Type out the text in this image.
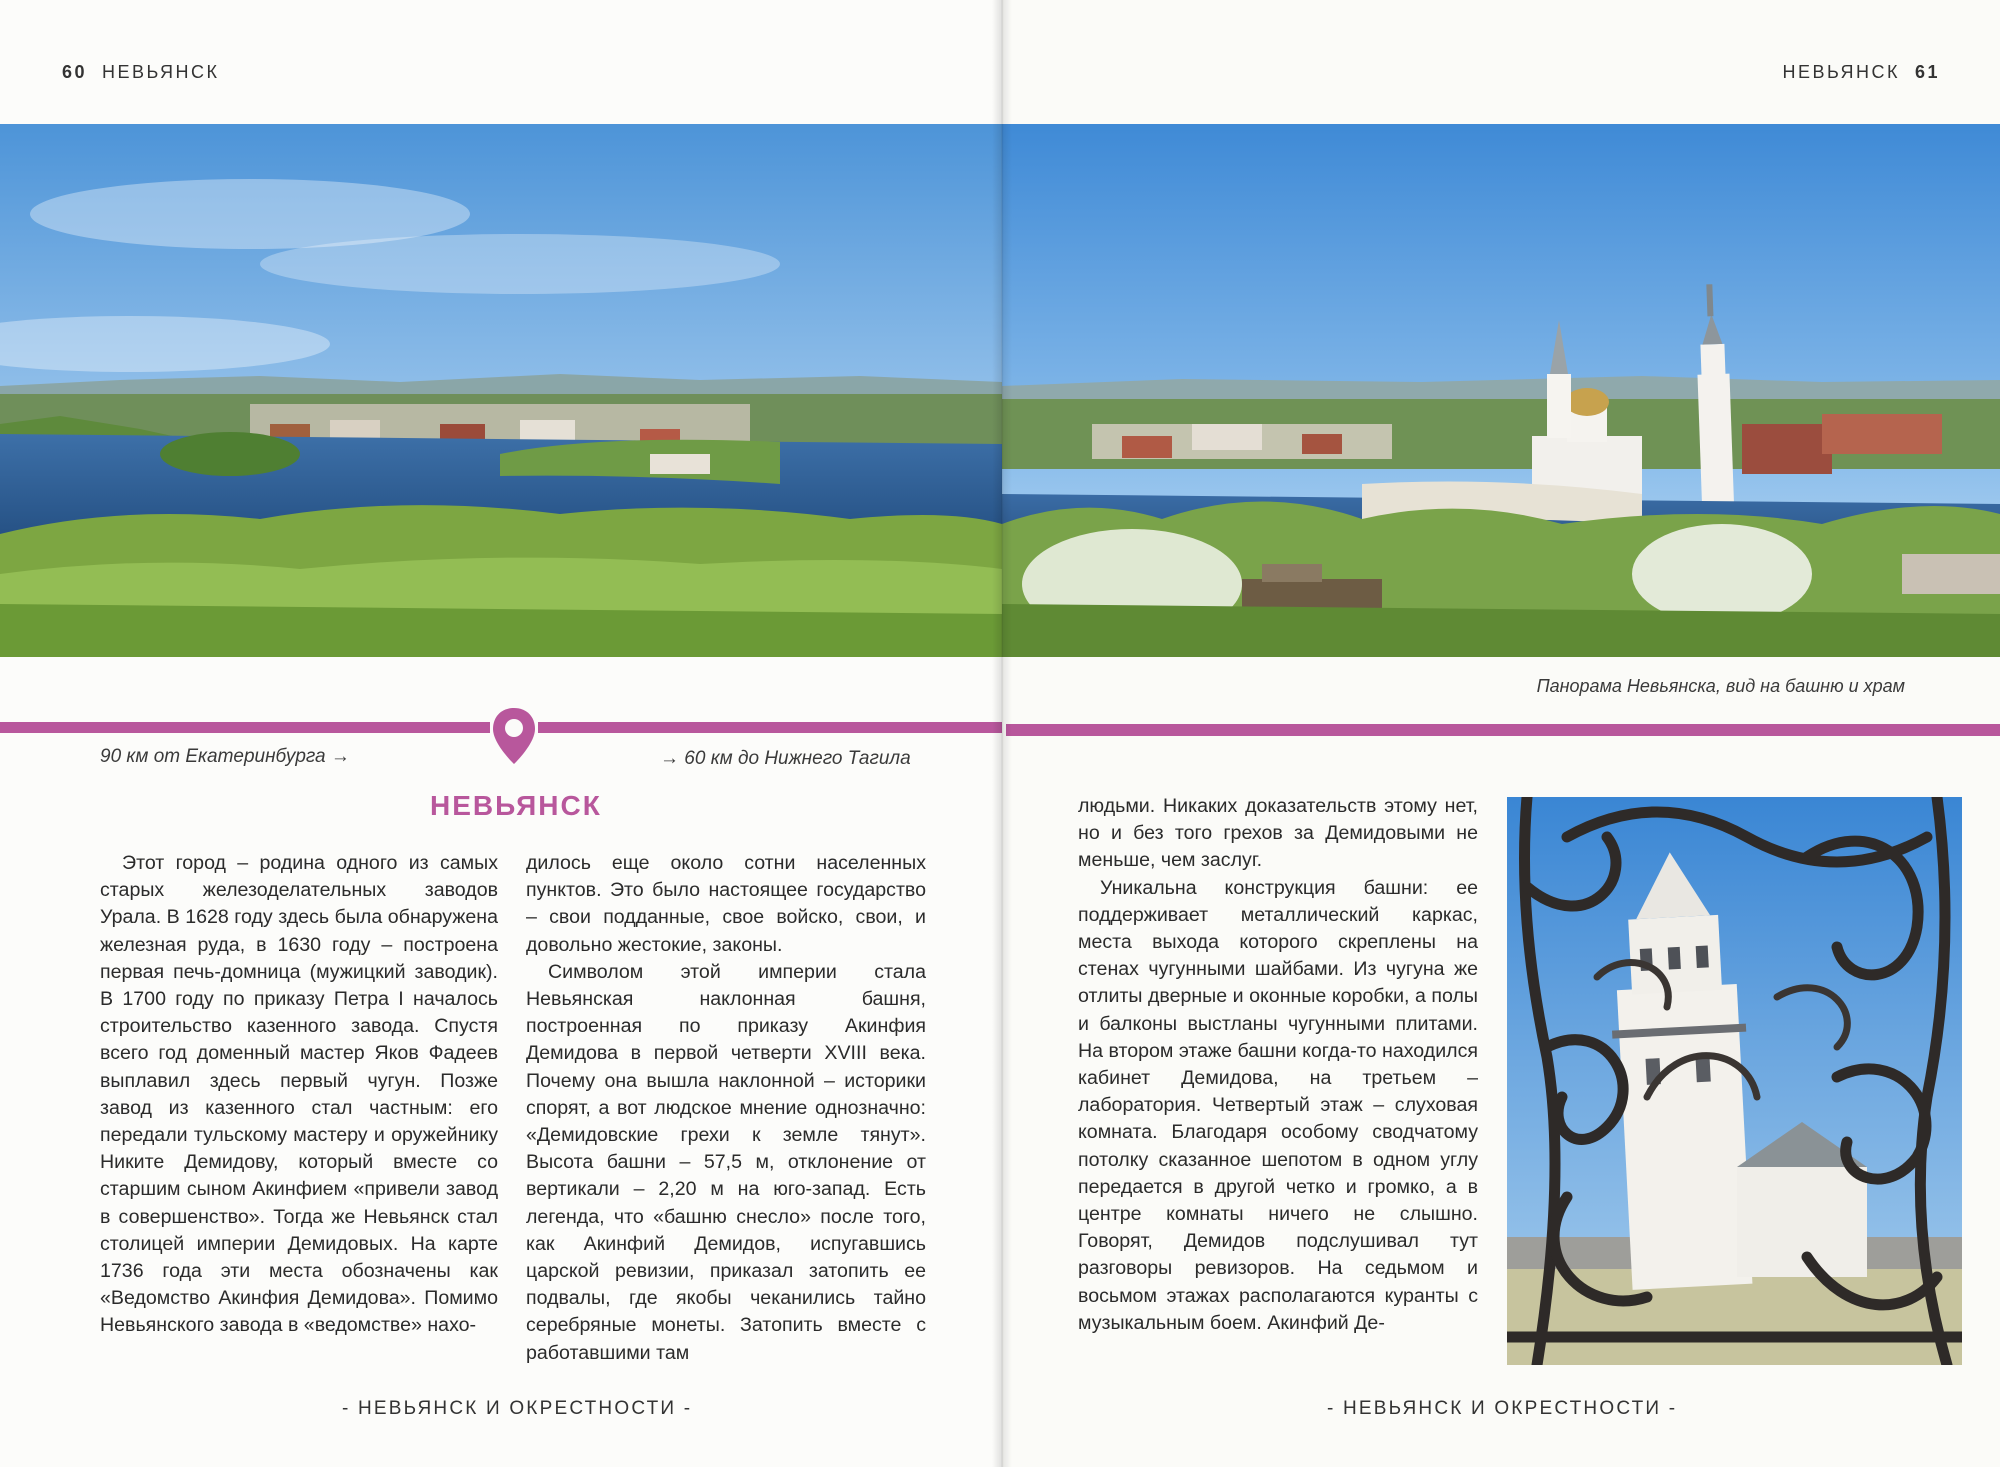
60 НЕВЬЯНСК
90 км от Екатеринбурга →	→ 60 км до Нижнего Тагила
НЕВЬЯНСК

Этот город – родина одного из самых старых железоделательных заводов Урала. В 1628 году здесь была обнаружена железная руда, в 1630 году – построена первая печь-домница (мужицкий заводик). В 1700 году по приказу Петра I началось строительство казенного завода. Спустя всего год доменный мастер Яков Фадеев выплавил здесь первый чугун. Позже завод из казенного стал частным: его передали тульскому мастеру и оружейнику Никите Демидову, который вместе со старшим сыном Акинфием «привели завод в совершенство». Тогда же Невьянск стал столицей империи Демидовых. На карте 1736 года эти места обозначены как «Ведомство Акинфия Демидова». Помимо Невьянского завода в «ведомстве» нахо-

дилось еще около сотни населенных пунктов. Это было настоящее государство – свои подданные, свое войско, свои, и довольно жестокие, законы.

Символом этой империи стала Невьянская наклонная башня, построенная по приказу Акинфия Демидова в первой четверти XVIII века. Почему она вышла наклонной – историки спорят, а вот людское мнение однозначно: «Демидовские грехи к земле тянут». Высота башни – 57,5 м, отклонение от вертикали – 2,20 м на юго-запад. Есть легенда, что «башню снесло» после того, как Акинфий Демидов, испугавшись царской ревизии, приказал затопить ее подвалы, где якобы чеканились тайно серебряные монеты. Затопить вместе с работавшими там

- НЕВЬЯНСК И ОКРЕСТНОСТИ -
НЕВЬЯНСК 61
Панорама Невьянска, вид на башню и храм

людьми. Никаких доказательств этому нет, но и без того грехов за Демидовыми не меньше, чем заслуг.

Уникальна конструкция башни: ее поддерживает металлический каркас, места выхода которого скреплены на стенах чугунными шайбами. Из чугуна же отлиты дверные и оконные коробки, а полы и балконы выстланы чугунными плитами. На втором этаже башни когда-то находился кабинет Демидова, на третьем – лаборатория. Четвертый этаж – слуховая комната. Благодаря особому сводчатому потолку сказанное шепотом в одном углу передается в другой четко и громко, а в центре комнаты ничего не слышно. Говорят, Демидов подслушивал тут разговоры ревизоров. На седьмом и восьмом этажах располагаются куранты с музыкальным боем. Акинфий Де-

- НЕВЬЯНСК И ОКРЕСТНОСТИ -
